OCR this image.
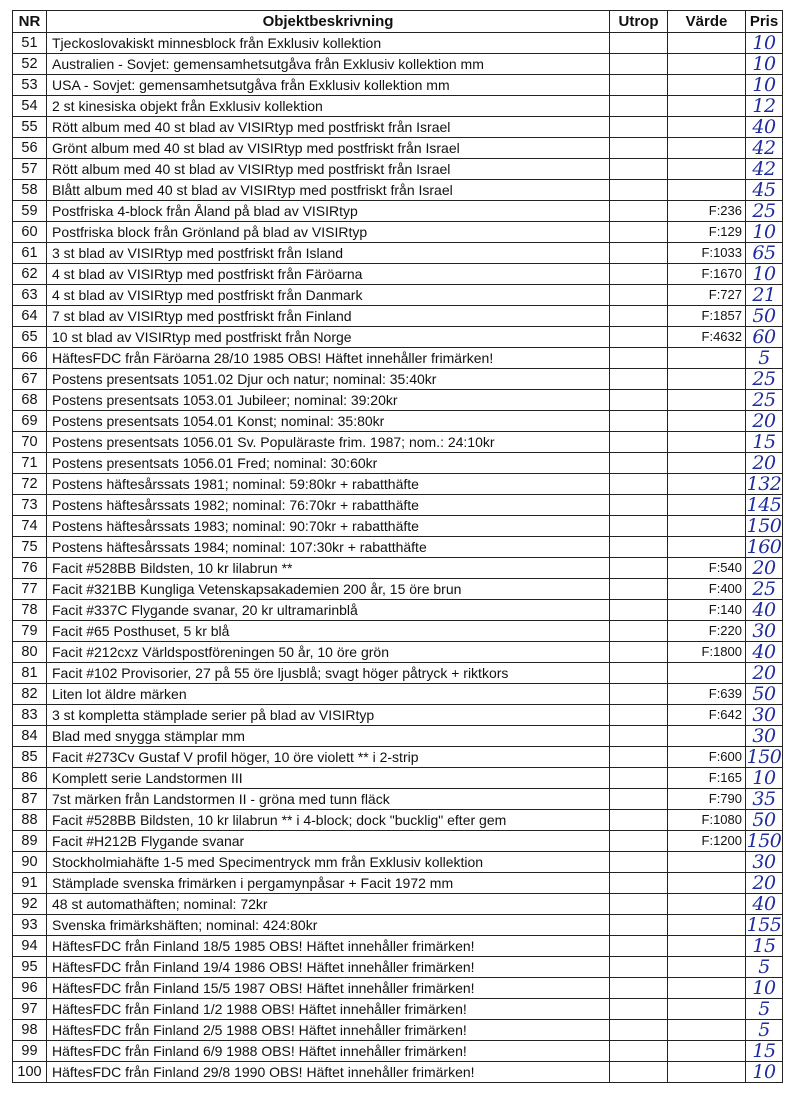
NR	Objektbeskrivning	Utrop	Värde	Pris
51	Tjeckoslovakiskt minnesblock från Exklusiv kollektion			10
52	Australien - Sovjet: gemensamhetsutgåva från Exklusiv kollektion mm			10
53	USA - Sovjet: gemensamhetsutgåva från Exklusiv kollektion mm			10
54	2 st kinesiska objekt från Exklusiv kollektion			12
55	Rött album med 40 st blad av VISIRtyp med postfriskt från Israel			40
56	Grönt album med 40 st blad av VISIRtyp med postfriskt från Israel			42
57	Rött album med 40 st blad av VISIRtyp med postfriskt från Israel			42
58	Blått album med 40 st blad av VISIRtyp med postfriskt från Israel			45
59	Postfriska 4-block från Åland på blad av VISIRtyp		F:236	25
60	Postfriska block från Grönland på blad av VISIRtyp		F:129	10
61	3 st blad av VISIRtyp med postfriskt från Island		F:1033	65
62	4 st blad av VISIRtyp med postfriskt från Färöarna		F:1670	10
63	4 st blad av VISIRtyp med postfriskt från Danmark		F:727	21
64	7 st blad av VISIRtyp med postfriskt från Finland		F:1857	50
65	10 st blad av VISIRtyp med postfriskt från Norge		F:4632	60
66	HäftesFDC från Färöarna 28/10 1985 OBS! Häftet innehåller frimärken!			5
67	Postens presentsats 1051.02 Djur och natur; nominal: 35:40kr			25
68	Postens presentsats 1053.01 Jubileer; nominal: 39:20kr			25
69	Postens presentsats 1054.01 Konst; nominal: 35:80kr			20
70	Postens presentsats 1056.01 Sv. Populäraste frim. 1987; nom.: 24:10kr			15
71	Postens presentsats 1056.01 Fred; nominal: 30:60kr			20
72	Postens häftesårssats 1981; nominal: 59:80kr + rabatthäfte			132
73	Postens häftesårssats 1982; nominal: 76:70kr + rabatthäfte			145
74	Postens häftesårssats 1983; nominal: 90:70kr + rabatthäfte			150
75	Postens häftesårssats 1984; nominal: 107:30kr + rabatthäfte			160
76	Facit #528BB Bildsten, 10 kr lilabrun **		F:540	20
77	Facit #321BB Kungliga Vetenskapsakademien 200 år, 15 öre brun		F:400	25
78	Facit #337C Flygande svanar, 20 kr ultramarinblå		F:140	40
79	Facit #65 Posthuset, 5 kr blå		F:220	30
80	Facit #212cxz Världspostföreningen 50 år, 10 öre grön		F:1800	40
81	Facit #102 Provisorier, 27 på 55 öre ljusblå; svagt höger påtryck + riktkors			20
82	Liten lot äldre märken		F:639	50
83	3 st kompletta stämplade serier på blad av VISIRtyp		F:642	30
84	Blad med snygga stämplar mm			30
85	Facit #273Cv Gustaf V profil höger, 10 öre violett ** i 2-strip		F:600	150
86	Komplett serie Landstormen III		F:165	10
87	7st märken från Landstormen II - gröna med tunn fläck		F:790	35
88	Facit #528BB Bildsten, 10 kr lilabrun ** i 4-block; dock "bucklig" efter gem		F:1080	50
89	Facit #H212B Flygande svanar		F:1200	150
90	Stockholmiahäfte 1-5 med Specimentryck mm från Exklusiv kollektion			30
91	Stämplade svenska frimärken i pergamynpåsar + Facit 1972 mm			20
92	48 st automathäften; nominal: 72kr			40
93	Svenska frimärkshäften; nominal: 424:80kr			155
94	HäftesFDC från Finland 18/5 1985 OBS! Häftet innehåller frimärken!			15
95	HäftesFDC från Finland 19/4 1986 OBS! Häftet innehåller frimärken!			5
96	HäftesFDC från Finland 15/5 1987 OBS! Häftet innehåller frimärken!			10
97	HäftesFDC från Finland 1/2 1988 OBS! Häftet innehåller frimärken!			5
98	HäftesFDC från Finland 2/5 1988 OBS! Häftet innehåller frimärken!			5
99	HäftesFDC från Finland 6/9 1988 OBS! Häftet innehåller frimärken!			15
100	HäftesFDC från Finland 29/8 1990 OBS! Häftet innehåller frimärken!			10
